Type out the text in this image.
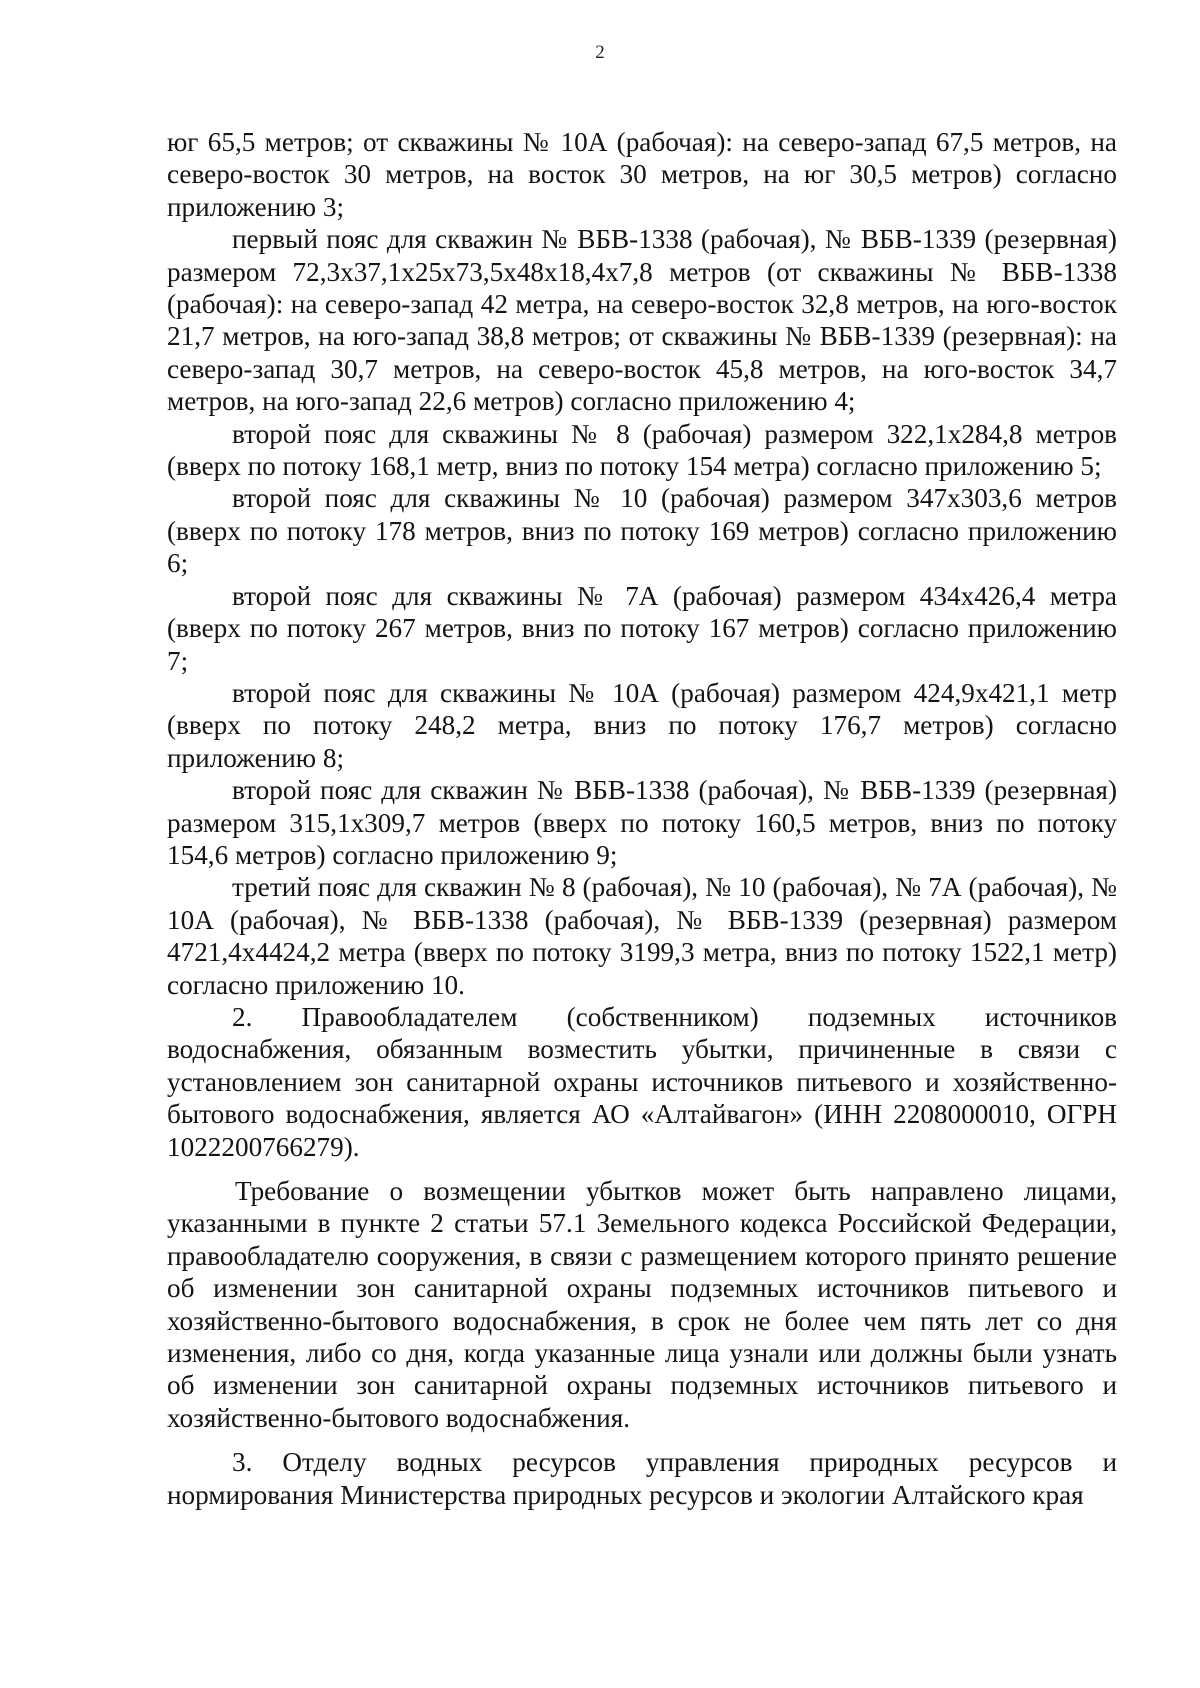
2

юг 65,5 метров; от скважины № 10А (рабочая): на северо-запад 67,5 метров, на северо-восток 30 метров, на восток 30 метров, на юг 30,5 метров) согласно приложению 3;

первый пояс для скважин № ВБВ-1338 (рабочая), № ВБВ-1339 (резервная) размером 72,3х37,1х25х73,5х48х18,4х7,8 метров (от скважины № ВБВ-1338 (рабочая): на северо-запад 42 метра, на северо-восток 32,8 метров, на юго-восток 21,7 метров, на юго-запад 38,8 метров; от скважины № ВБВ-1339 (резервная): на северо-запад 30,7 метров, на северо-восток 45,8 метров, на юго-восток 34,7 метров, на юго-запад 22,6 метров) согласно приложению 4;

второй пояс для скважины № 8 (рабочая) размером 322,1х284,8 метров (вверх по потоку 168,1 метр, вниз по потоку 154 метра) согласно приложению 5;

второй пояс для скважины № 10 (рабочая) размером 347х303,6 метров (вверх по потоку 178 метров, вниз по потоку 169 метров) согласно приложению 6;

второй пояс для скважины № 7А (рабочая) размером 434х426,4 метра (вверх по потоку 267 метров, вниз по потоку 167 метров) согласно приложению 7;

второй пояс для скважины № 10А (рабочая) размером 424,9х421,1 метр (вверх по потоку 248,2 метра, вниз по потоку 176,7 метров) согласно приложению 8;

второй пояс для скважин № ВБВ-1338 (рабочая), № ВБВ-1339 (резервная) размером 315,1х309,7 метров (вверх по потоку 160,5 метров, вниз по потоку 154,6 метров) согласно приложению 9;

третий пояс для скважин № 8 (рабочая), № 10 (рабочая), № 7А (рабочая), № 10А (рабочая), № ВБВ-1338 (рабочая), № ВБВ-1339 (резервная) размером 4721,4х4424,2 метра (вверх по потоку 3199,3 метра, вниз по потоку 1522,1 метр) согласно приложению 10.

2. Правообладателем (собственником) подземных источников водоснабжения, обязанным возместить убытки, причиненные в связи с установлением зон санитарной охраны источников питьевого и хозяйственно-бытового водоснабжения, является АО «Алтайвагон» (ИНН 2208000010, ОГРН 1022200766279).

Требование о возмещении убытков может быть направлено лицами, указанными в пункте 2 статьи 57.1 Земельного кодекса Российской Федерации, правообладателю сооружения, в связи с размещением которого принято решение об изменении зон санитарной охраны подземных источников питьевого и хозяйственно-бытового водоснабжения, в срок не более чем пять лет со дня изменения, либо со дня, когда указанные лица узнали или должны были узнать об изменении зон санитарной охраны подземных источников питьевого и хозяйственно-бытового водоснабжения.

3. Отделу водных ресурсов управления природных ресурсов и нормирования Министерства природных ресурсов и экологии Алтайского края
